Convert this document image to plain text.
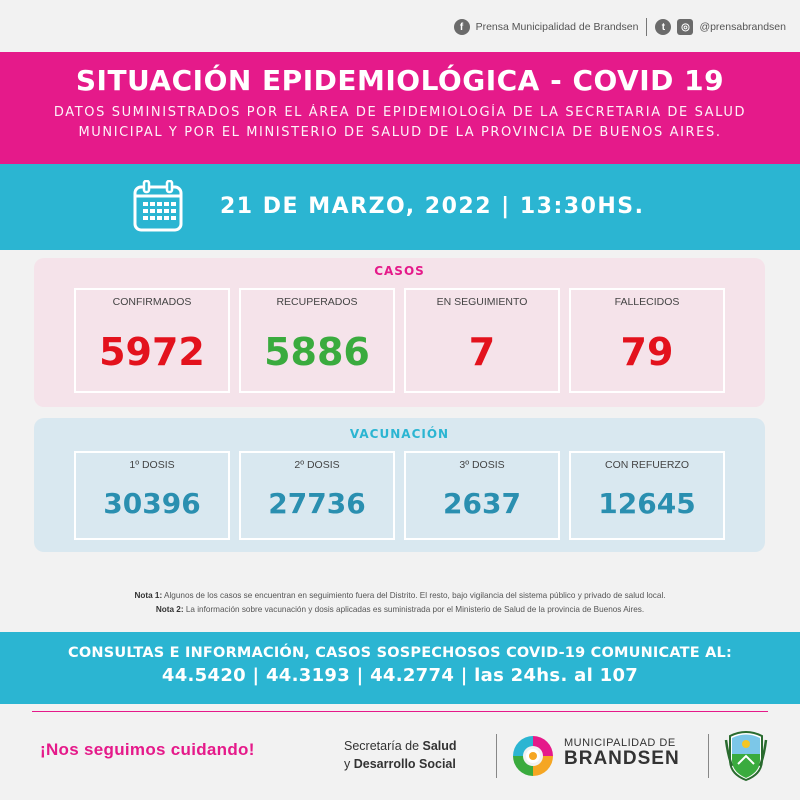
f	Prensa Municipalidad de Brandsen	t	◎ @prensabrandsen
SITUACIÓN EPIDEMIOLÓGICA - COVID 19

DATOS SUMINISTRADOS POR EL ÁREA DE EPIDEMIOLOGÍA DE LA SECRETARIA DE SALUD
MUNICIPAL Y POR EL MINISTERIO DE SALUD DE LA PROVINCIA DE BUENOS AIRES.

21 DE MARZO, 2022 | 13:30HS.
CASOS
CONFIRMADOS
5972
RECUPERADOS
5886
EN SEGUIMIENTO
7
FALLECIDOS
79
VACUNACIÓN
1º DOSIS
30396
2º DOSIS
27736
3º DOSIS
2637
CON REFUERZO
12645
Nota 1: Algunos de los casos se encuentran en seguimiento fuera del Distrito. El resto, bajo vigilancia del sistema público y privado de salud local.
Nota 2: La información sobre vacunación y dosis aplicadas es suministrada por el Ministerio de Salud de la provincia de Buenos Aires.
CONSULTAS E INFORMACIÓN, CASOS SOSPECHOSOS COVID-19 COMUNICATE AL:
44.5420 | 44.3193 | 44.2774 | las 24hs. al 107
¡Nos seguimos cuidando!	Secretaría de Salud
y Desarrollo Social
MUNICIPALIDAD DE
BRANDSEN
